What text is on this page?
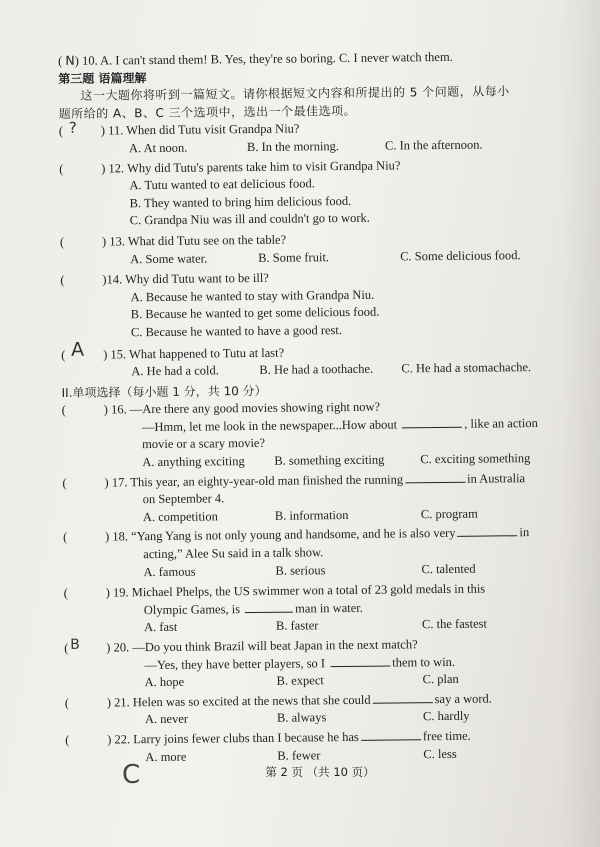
( N) 10. A. I can't stand them! B. Yes, they're so boring. C. I never watch them.
第三题 语篇理解
这一大题你将听到一篇短文。请你根据短文内容和所提出的 5 个问题，从每小
题所给的 A、B、C 三个选项中，选出一个最佳选项。
( ? ) 11. When did Tutu visit Grandpa Niu?
A. At noon.	B. In the morning.	C. In the afternoon.
(	) 12. Why did Tutu's parents take him to visit Grandpa Niu?
A. Tutu wanted to eat delicious food.
B. They wanted to bring him delicious food.
C. Grandpa Niu was ill and couldn't go to work.
(	) 13. What did Tutu see on the table?
A. Some water.	B. Some fruit.	C. Some delicious food.
(	)14. Why did Tutu want to be ill?
A. Because he wanted to stay with Grandpa Niu.
B. Because he wanted to get some delicious food.
C. Because he wanted to have a good rest.
( A ) 15. What happened to Tutu at last?
A. He had a cold.	B. He had a toothache.	C. He had a stomachache.
II.单项选择（每小题 1 分，共 10 分）
(	) 16. —Are there any good movies showing right now?
—Hmm, let me look in the newspaper...How about	, like an action
movie or a scary movie?
A. anything exciting	B. something exciting	C. exciting something
(	) 17. This year, an eighty-year-old man finished the running	in Australia
on September 4.
A. competition	B. information	C. program
(	) 18. “Yang Yang is not only young and handsome, and he is also very	in
acting,” Alee Su said in a talk show.
A. famous	B. serious	C. talented
(	) 19. Michael Phelps, the US swimmer won a total of 23 gold medals in this
Olympic Games, is	man in water.
A. fast	B. faster	C. the fastest
( B ) 20. —Do you think Brazil will beat Japan in the next match?
—Yes, they have better players, so I	them to win.
A. hope	B. expect	C. plan
(	) 21. Helen was so excited at the news that she could	say a word.
A. never	B. always	C. hardly
(	) 22. Larry joins fewer clubs than I because he has	free time.
A. more	B. fewer	C. less
C	第 2 页 （共 10 页）
